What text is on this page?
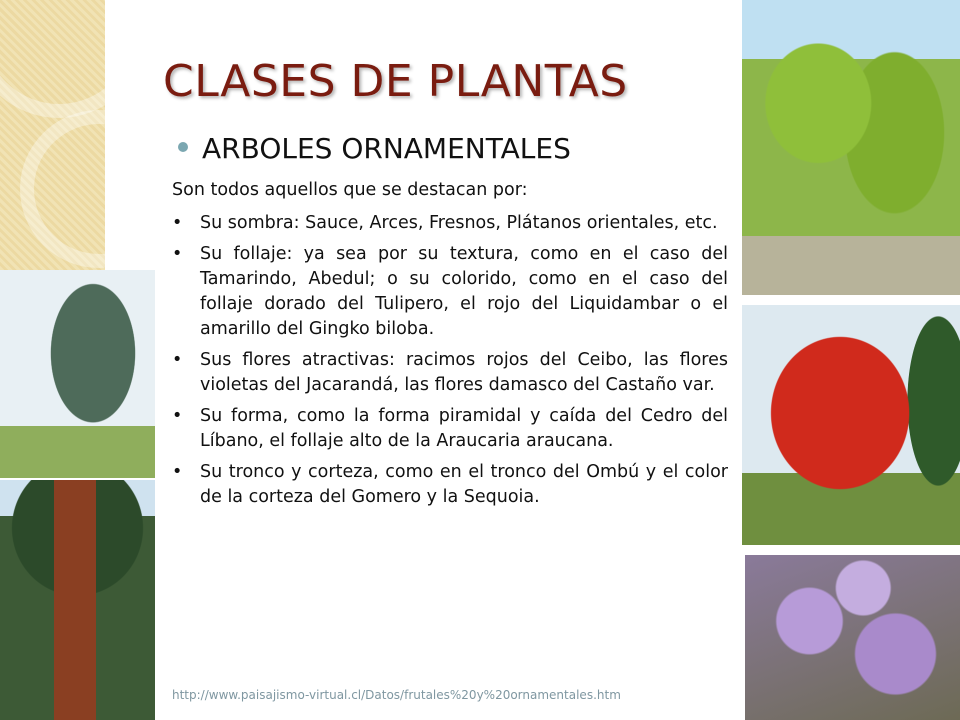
CLASES DE PLANTAS
ARBOLES ORNAMENTALES

Son todos aquellos que se destacan por:

• Su sombra: Sauce, Arces, Fresnos, Plátanos orientales, etc.

• Su follaje: ya sea por su textura, como en el caso del Tamarindo, Abedul; o su colorido, como en el caso del follaje dorado del Tulipero, el rojo del Liquidambar o el amarillo del Gingko biloba.

• Sus flores atractivas: racimos rojos del Ceibo, las flores violetas del Jacarandá, las flores damasco del Castaño var.

• Su forma, como la forma piramidal y caída del Cedro del Líbano, el follaje alto de la Araucaria araucana.

• Su tronco y corteza, como en el tronco del Ombú y el color de la corteza del Gomero y la Sequoia.

http://www.paisajismo-virtual.cl/Datos/frutales%20y%20ornamentales.htm
